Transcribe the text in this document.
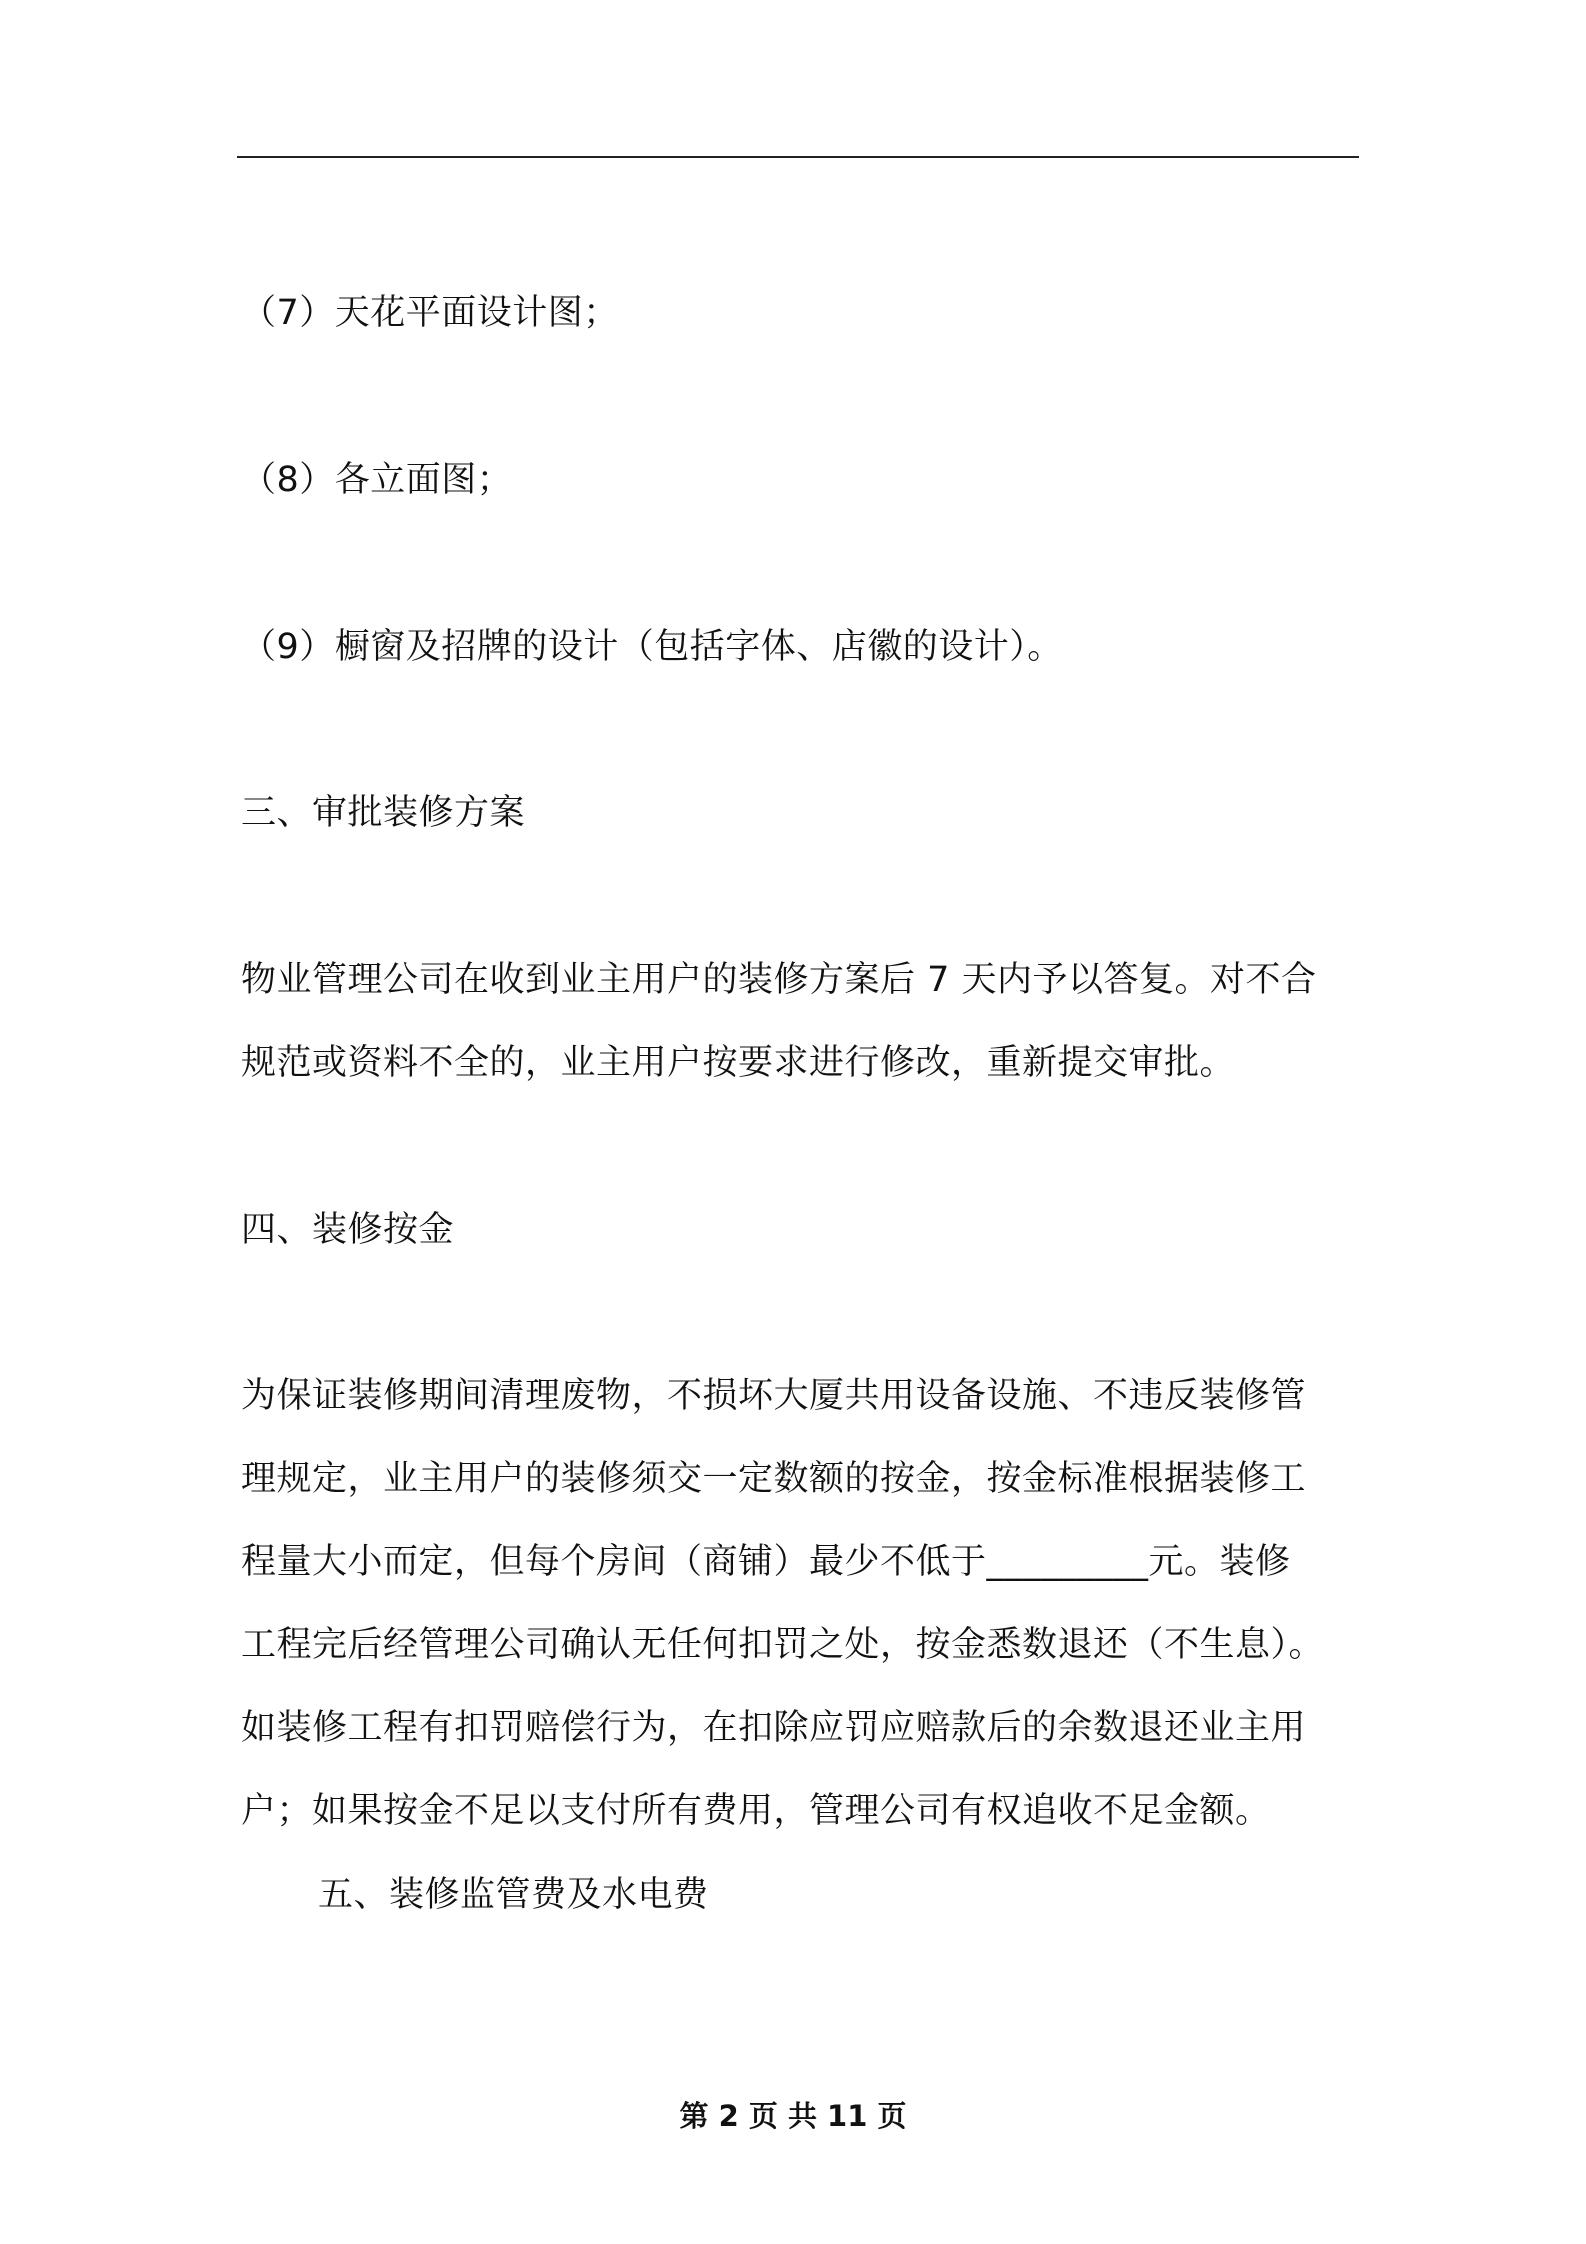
（7）天花平面设计图；
（8）各立面图；
（9）橱窗及招牌的设计（包括字体、店徽的设计）。
三、审批装修方案
物业管理公司在收到业主用户的装修方案后 7 天内予以答复。对不合
规范或资料不全的，业主用户按要求进行修改，重新提交审批。
四、装修按金
为保证装修期间清理废物，不损坏大厦共用设备设施、不违反装修管
理规定，业主用户的装修须交一定数额的按金，按金标准根据装修工
程量大小而定，但每个房间（商铺）最少不低于_________元。装修
工程完后经管理公司确认无任何扣罚之处，按金悉数退还（不生息）。
如装修工程有扣罚赔偿行为，在扣除应罚应赔款后的余数退还业主用
户；如果按金不足以支付所有费用，管理公司有权追收不足金额。
五、装修监管费及水电费
第 2 页 共 11 页
